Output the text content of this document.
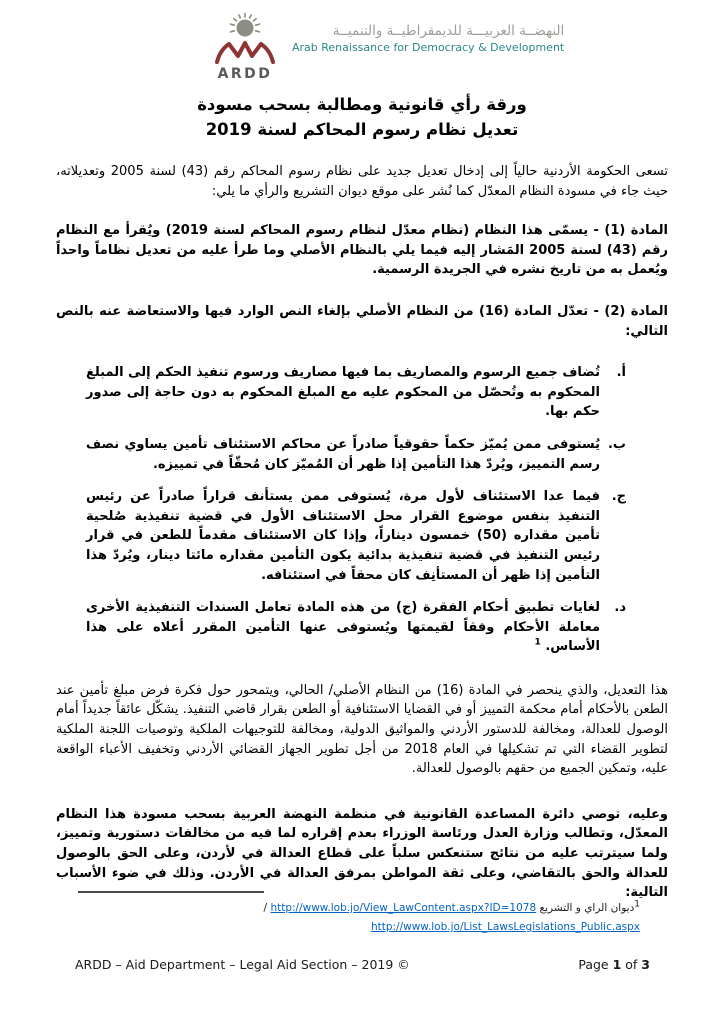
ARDD
النهضــة العربيـــة للديمقراطيــة والتنميــة
Arab Renaissance for Democracy & Development
ورقة رأي قانونية ومطالبة بسحب مسودة
تعديل نظام رسوم المحاكم لسنة 2019

تسعى الحكومة الأردنية حالياً إلى إدخال تعديل جديد على نظام رسوم المحاكم رقم (43) لسنة 2005 وتعديلاته، حيث جاء في مسودة النظام المعدّل كما نُشر على موقع ديوان التشريع والرأي ما يلي:

المادة (1) - يسمّى هذا النظام (نظام معدّل لنظام رسوم المحاكم لسنة 2019) ويُقرأ مع النظام رقم (43) لسنة 2005 المَشار إليه فيما يلي بالنظام الأصلي وما طرأ عليه من تعديل نظاماً واحداً ويُعمل به من تاريخ نشره في الجريدة الرسمية.

المادة (2) - تعدّل المادة (16) من النظام الأصلي بإلغاء النص الوارد فيها والاستعاضة عنه بالنص التالي:

أ.
تُضاف جميع الرسوم والمصاريف بما فيها مصاريف ورسوم تنفيذ الحكم إلى المبلغ المحكوم به وتُحصّل من المحكوم عليه مع المبلغ المحكوم به دون حاجة إلى صدور حكم بها.
ب.
يُستوفى ممن يُميّز حكماً حقوقياً صادراً عن محاكم الاستئناف تأمين يساوي نصف رسم التمييز، ويُردّ هذا التأمين إذا ظهر أن المُميّز كان مُحقّاً في تمييزه.
ج.
فيما عدا الاستئناف لأول مرة، يُستوفى ممن يستأنف قراراً صادراً عن رئيس التنفيذ بنفس موضوع القرار محل الاستئناف الأول في قضية تنفيذية صُلحية تأمين مقداره (50) خمسون ديناراً، وإذا كان الاستئناف مقدماً للطعن في قرار رئيس التنفيذ في قضية تنفيذية بدائية يكون التأمين مقداره مائتا دينار، ويُردّ هذا التأمين إذا ظهر أن المستأنِف كان محقاً في استئنافه.
د.
لغايات تطبيق أحكام الفقرة (ج) من هذه المادة تعامل السندات التنفيذية الأخرى معاملة الأحكام وفقاً لقيمتها ويُستوفى عنها التأمين المقرر أعلاه على هذا الأساس. $^1$

هذا التعديل، والذي ينحصر في المادة (16) من النظام الأصلي/ الحالي، ويتمحور حول فكرة فرض مبلغ تأمين عند الطعن بالأحكام أمام محكمة التمييز أو في القضايا الاستئنافية أو الطعن بقرار قاضي التنفيذ. يشكّل عائقاً جديداً أمام الوصول للعدالة، ومخالفة للدستور الأردني والمواثيق الدولية، ومخالفة للتوجيهات الملكية وتوصيات اللجنة الملكية لتطوير القضاء التي تم تشكيلها في العام 2018 من أجل تطوير الجهاز القضائي الأردني وتخفيف الأعباء الواقعة عليه، وتمكين الجميع من حقهم بالوصول للعدالة.

وعليه، توصي دائرة المساعدة القانونية في منظمة النهضة العربية بسحب مسودة هذا النظام المعدّل، وتطالب وزارة العدل ورئاسة الوزراء بعدم إقراره لما فيه من مخالفات دستورية وتمييز، ولما سيترتب عليه من نتائج ستنعكس سلباً على قطاع العدالة في لأردن، وعلى الحق بالوصول للعدالة والحق بالتقاضي، وعلى ثقة المواطن بمرفق العدالة في الأردن. وذلك في ضوء الأسباب التالية:

$^1$ديوان الراي و التشريع http://www.lob.jo/View_LawContent.aspx?ID=1078 /
http://www.lob.jo/List_LawsLegislations_Public.aspx
ARDD – Aid Department – Legal Aid Section – 2019 ©	Page 1 of 3
